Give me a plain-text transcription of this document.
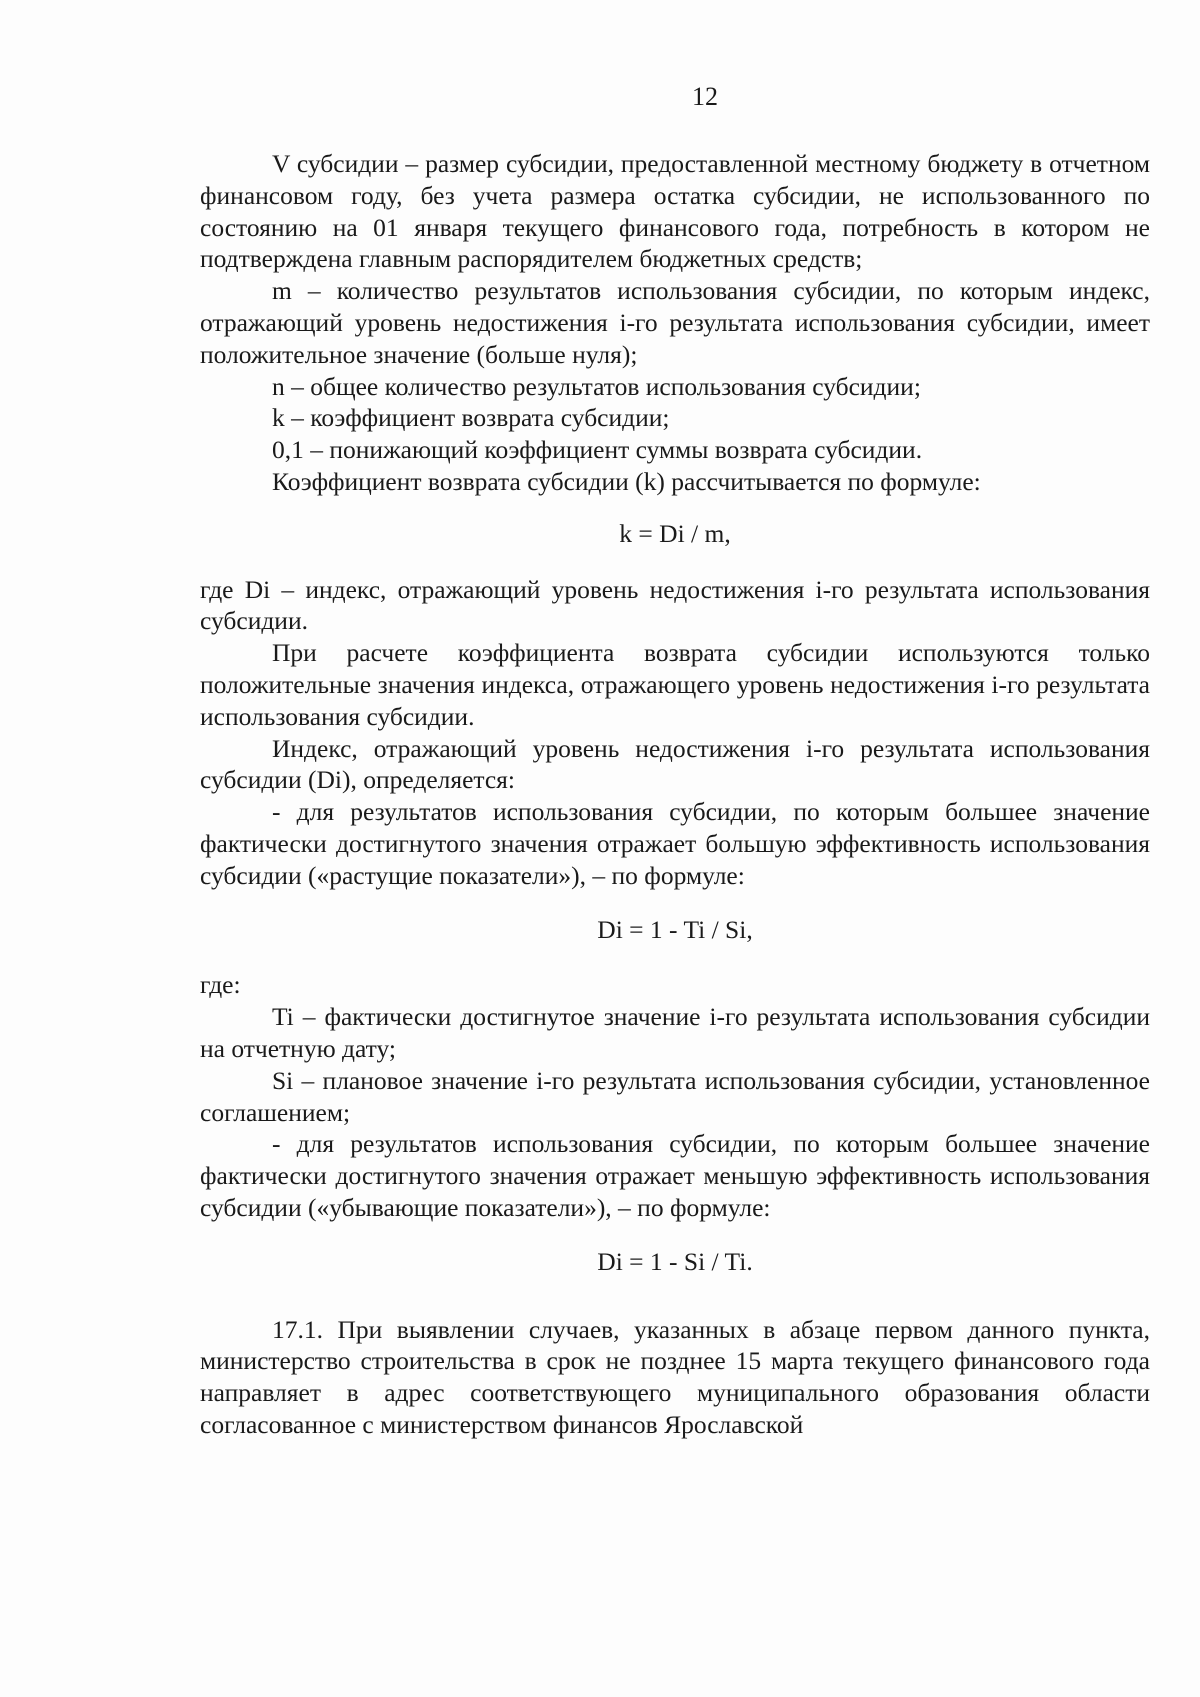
12

V субсидии – размер субсидии, предоставленной местному бюджету в отчетном финансовом году, без учета размера остатка субсидии, не использованного по состоянию на 01 января текущего финансового года, потребность в котором не подтверждена главным распорядителем бюджетных средств;

m – количество результатов использования субсидии, по которым индекс, отражающий уровень недостижения i-го результата использования субсидии, имеет положительное значение (больше нуля);

n – общее количество результатов использования субсидии;

k – коэффициент возврата субсидии;

0,1 – понижающий коэффициент суммы возврата субсидии.

Коэффициент возврата субсидии (k) рассчитывается по формуле:

k = Di / m,

где Di – индекс, отражающий уровень недостижения i-го результата использования субсидии.

При расчете коэффициента возврата субсидии используются только положительные значения индекса, отражающего уровень недостижения i-го результата использования субсидии.

Индекс, отражающий уровень недостижения i-го результата использования субсидии (Di), определяется:

- для результатов использования субсидии, по которым большее значение фактически достигнутого значения отражает большую эффективность использования субсидии («растущие показатели»), – по формуле:

Di = 1 - Ti / Si,

где:

Ti – фактически достигнутое значение i-го результата использования субсидии на отчетную дату;

Si – плановое значение i-го результата использования субсидии, установленное соглашением;

- для результатов использования субсидии, по которым большее значение фактически достигнутого значения отражает меньшую эффективность использования субсидии («убывающие показатели»), – по формуле:

Di = 1 - Si / Ti.

17.1. При выявлении случаев, указанных в абзаце первом данного пункта, министерство строительства в срок не позднее 15 марта текущего финансового года направляет в адрес соответствующего муниципального образования области согласованное с министерством финансов Ярославской
